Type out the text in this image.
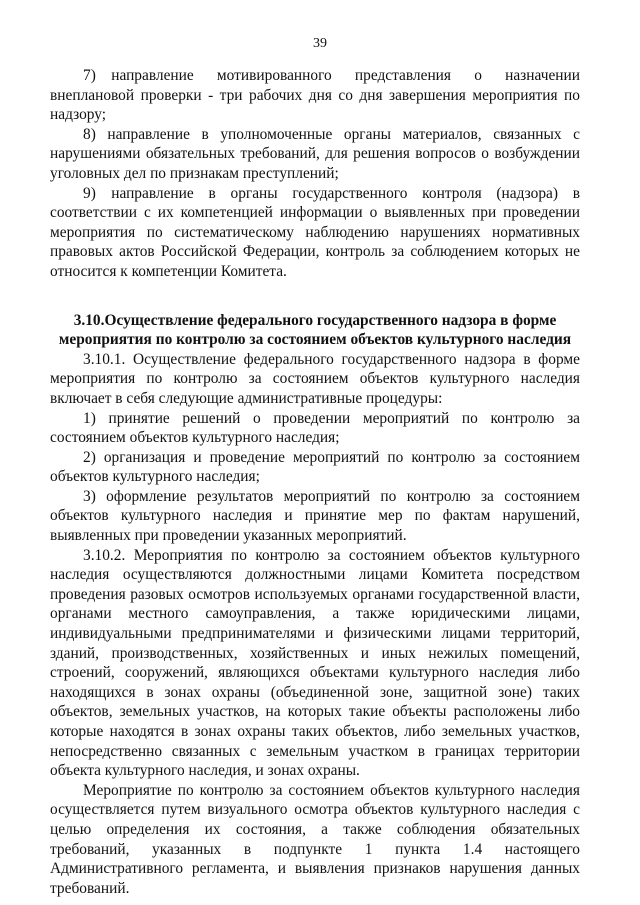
39

7) направление мотивированного представления о назначении внеплановой проверки - три рабочих дня со дня завершения мероприятия по надзору;

8) направление в уполномоченные органы материалов, связанных с нарушениями обязательных требований, для решения вопросов о возбуждении уголовных дел по признакам преступлений;

9) направление в органы государственного контроля (надзора) в соответствии с их компетенцией информации о выявленных при проведении мероприятия по систематическому наблюдению нарушениях нормативных правовых актов Российской Федерации, контроль за соблюдением которых не относится к компетенции Комитета.

3.10.Осуществление федерального государственного надзора в форме
мероприятия по контролю за состоянием объектов культурного наследия

3.10.1. Осуществление федерального государственного надзора в форме мероприятия по контролю за состоянием объектов культурного наследия включает в себя следующие административные процедуры:

1) принятие решений о проведении мероприятий по контролю за состоянием объектов культурного наследия;

2) организация и проведение мероприятий по контролю за состоянием объектов культурного наследия;

3) оформление результатов мероприятий по контролю за состоянием объектов культурного наследия и принятие мер по фактам нарушений, выявленных при проведении указанных мероприятий.

3.10.2. Мероприятия по контролю за состоянием объектов культурного наследия осуществляются должностными лицами Комитета посредством проведения разовых осмотров используемых органами государственной власти, органами местного самоуправления, а также юридическими лицами, индивидуальными предпринимателями и физическими лицами территорий, зданий, производственных, хозяйственных и иных нежилых помещений, строений, сооружений, являющихся объектами культурного наследия либо находящихся в зонах охраны (объединенной зоне, защитной зоне) таких объектов, земельных участков, на которых такие объекты расположены либо которые находятся в зонах охраны таких объектов, либо земельных участков, непосредственно связанных с земельным участком в границах территории объекта культурного наследия, и зонах охраны.

Мероприятие по контролю за состоянием объектов культурного наследия осуществляется путем визуального осмотра объектов культурного наследия с целью определения их состояния, а также соблюдения обязательных требований, указанных в подпункте 1 пункта 1.4 настоящего Административного регламента, и выявления признаков нарушения данных требований.
